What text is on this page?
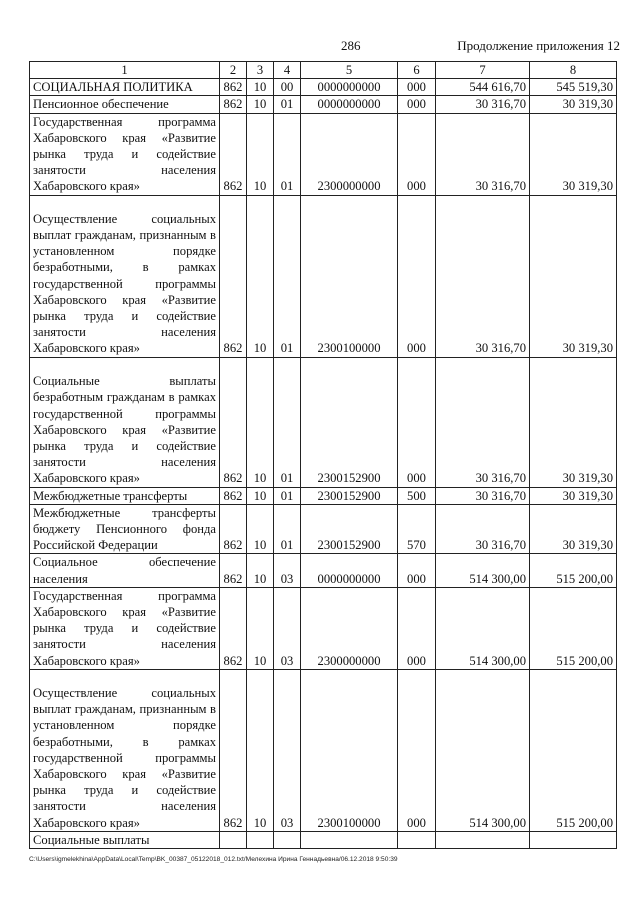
286	Продолжение приложения 12
1	2	3	4	5	6	7	8
СОЦИАЛЬНАЯ ПОЛИТИКА	862	10	00	0000000000	000	544 616,70	545 519,30
Пенсионное обеспечение	862	10	01	0000000000	000	30 316,70	30 319,30
Государственная программа Хабаровского края «Развитие рынка труда и содействие занятости населения Хабаровского края»	862	10	01	2300000000	000	30 316,70	30 319,30
Осуществление социальных выплат гражданам, признанным в установленном порядке безработными, в рамках государственной программы Хабаровского края «Развитие рынка труда и содействие занятости населения Хабаровского края»	862	10	01	2300100000	000	30 316,70	30 319,30
Социальные выплаты безработным гражданам в рамках государственной программы Хабаровского края «Развитие рынка труда и содействие занятости населения Хабаровского края»	862	10	01	2300152900	000	30 316,70	30 319,30
Межбюджетные трансферты	862	10	01	2300152900	500	30 316,70	30 319,30
Межбюджетные трансферты бюджету Пенсионного фонда Российской Федерации	862	10	01	2300152900	570	30 316,70	30 319,30
Социальное обеспечение населения	862	10	03	0000000000	000	514 300,00	515 200,00
Государственная программа Хабаровского края «Развитие рынка труда и содействие занятости населения Хабаровского края»	862	10	03	2300000000	000	514 300,00	515 200,00
Осуществление социальных выплат гражданам, признанным в установленном порядке безработными, в рамках государственной программы Хабаровского края «Развитие рынка труда и содействие занятости населения Хабаровского края»	862	10	03	2300100000	000	514 300,00	515 200,00
Социальные выплаты							
C:\Users\igmelekhina\AppData\Local\Temp\BK_00387_05122018_012.txt/Мелехина Ирина Геннадьевна/06.12.2018 9:50:39
